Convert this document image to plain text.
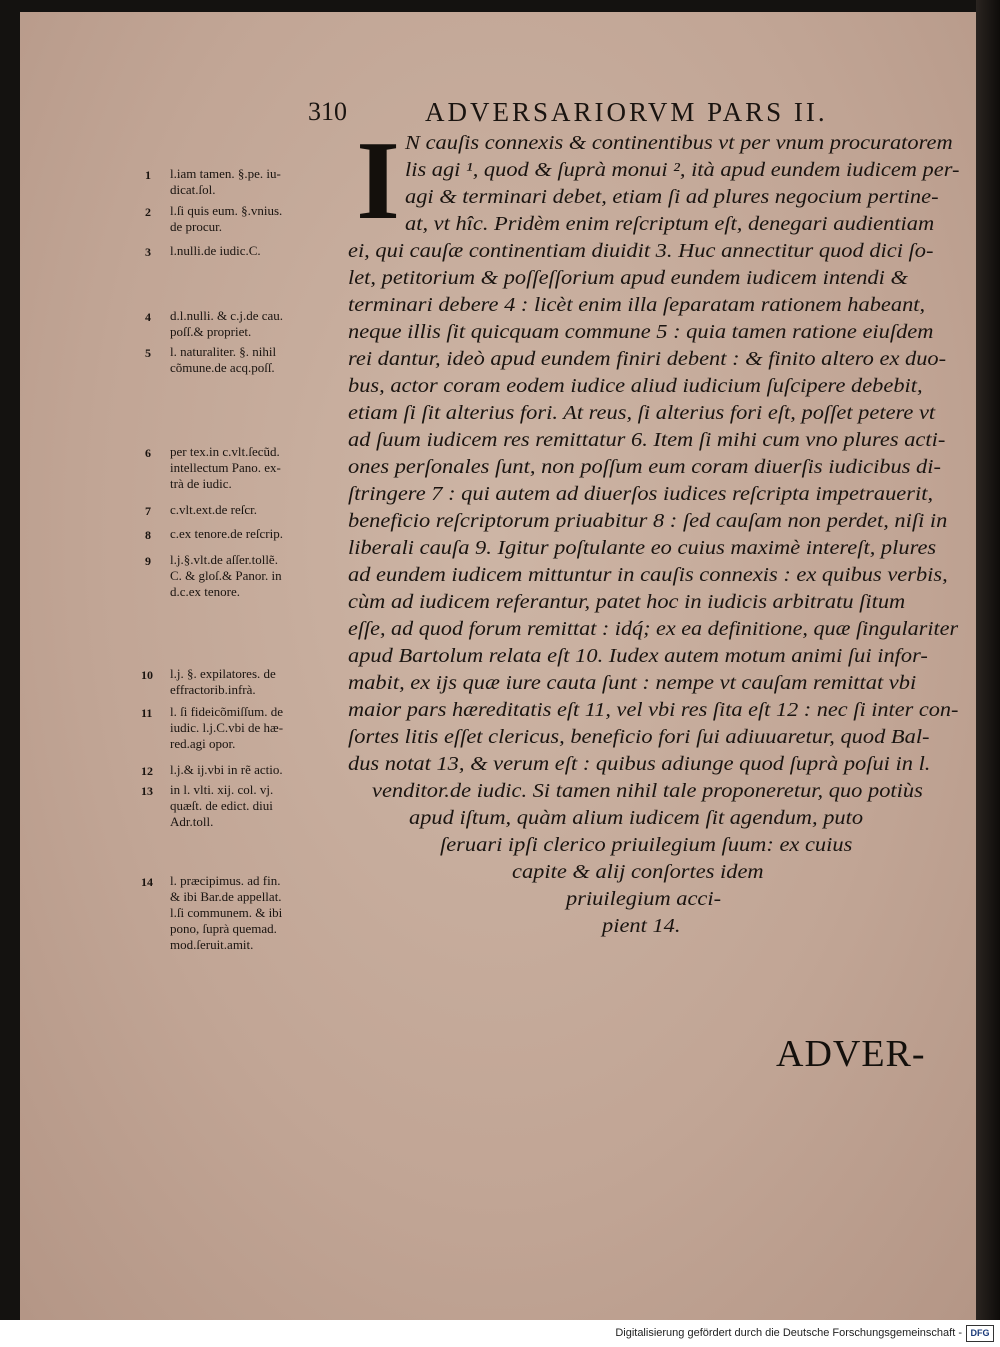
310	ADVERSARIORVM PARS II.
I N cauſis connexis & continentibus vt per vnum procuratorem
lis agi ¹, quod & ſuprà monui ², ità apud eundem iudicem per-
agi & terminari debet, etiam ſi ad plures negocium pertine-
at, vt hîc. Pridèm enim reſcriptum eſt, denegari audientiam
ei, qui cauſæ continentiam diuidit 3. Huc annectitur quod dici ſo-
let, petitorium & poſſeſſorium apud eundem iudicem intendi &
terminari debere 4 : licèt enim illa ſeparatam rationem habeant,
neque illis ſit quicquam commune 5 : quia tamen ratione eiuſdem
rei dantur, ideò apud eundem finiri debent : & finito altero ex duo-
bus, actor coram eodem iudice aliud iudicium ſuſcipere debebit,
etiam ſi ſit alterius fori. At reus, ſi alterius fori eſt, poſſet petere vt
ad ſuum iudicem res remittatur 6. Item ſi mihi cum vno plures acti-
ones perſonales ſunt, non poſſum eum coram diuerſis iudicibus di-
ſtringere 7 : qui autem ad diuerſos iudices reſcripta impetrauerit,
beneficio reſcriptorum priuabitur 8 : ſed cauſam non perdet, niſi in
liberali cauſa 9. Igitur poſtulante eo cuius maximè intereſt, plures
ad eundem iudicem mittuntur in cauſis connexis : ex quibus verbis,
cùm ad iudicem referantur, patet hoc in iudicis arbitratu ſitum
eſſe, ad quod forum remittat : idq́; ex ea definitione, quæ ſingulariter
apud Bartolum relata eſt 10. Iudex autem motum animi ſui infor-
mabit, ex ijs quæ iure cauta ſunt : nempe vt cauſam remittat vbi
maior pars hæreditatis eſt 11, vel vbi res ſita eſt 12 : nec ſi inter con-
ſortes litis eſſet clericus, beneficio fori ſui adiuuaretur, quod Bal-
dus notat 13, & verum eſt : quibus adiunge quod ſuprà poſui in l.
venditor.de iudic. Si tamen nihil tale proponeretur, quo potiùs
apud iſtum, quàm alium iudicem ſit agendum, puto
ſeruari ipſi clerico priuilegium ſuum: ex cuius
capite & alij conſortes idem
priuilegium acci-
pient 14.
1 l.iam tamen. §.pe. iu-
dicat.ſol.
2 l.ſi quis eum. §.vnius.
de procur.
3 l.nulli.de iudic.C.
4 d.l.nulli. & c.j.de cau.
poſſ.& propriet.
5 l. naturaliter. §. nihil
cõmune.de acq.poſſ.
6 per tex.in c.vlt.ſecũd.
intellectum Pano. ex-
trà de iudic.
7 c.vlt.ext.de reſcr.
8 c.ex tenore.de reſcrip.
9 l.j.§.vlt.de aſſer.tollẽ.
C. & gloſ.& Panor. in
d.c.ex tenore.
10 l.j. §. expilatores. de
effractorib.infrà.
11 l. ſi fideicõmiſſum. de
iudic. l.j.C.vbi de hæ-
red.agi opor.
12 l.j.& ij.vbi in rẽ actio.
13 in l. vlti. xij. col. vj.
quæſt. de edict. diui
Adr.toll.
14 l. præcipimus. ad fin.
& ibi Bar.de appellat.
l.ſi communem. & ibi
pono, ſuprà quemad.
mod.ſeruit.amit.
ADVER-
Digitalisierung gefördert durch die Deutsche Forschungsgemeinschaft - DFG
